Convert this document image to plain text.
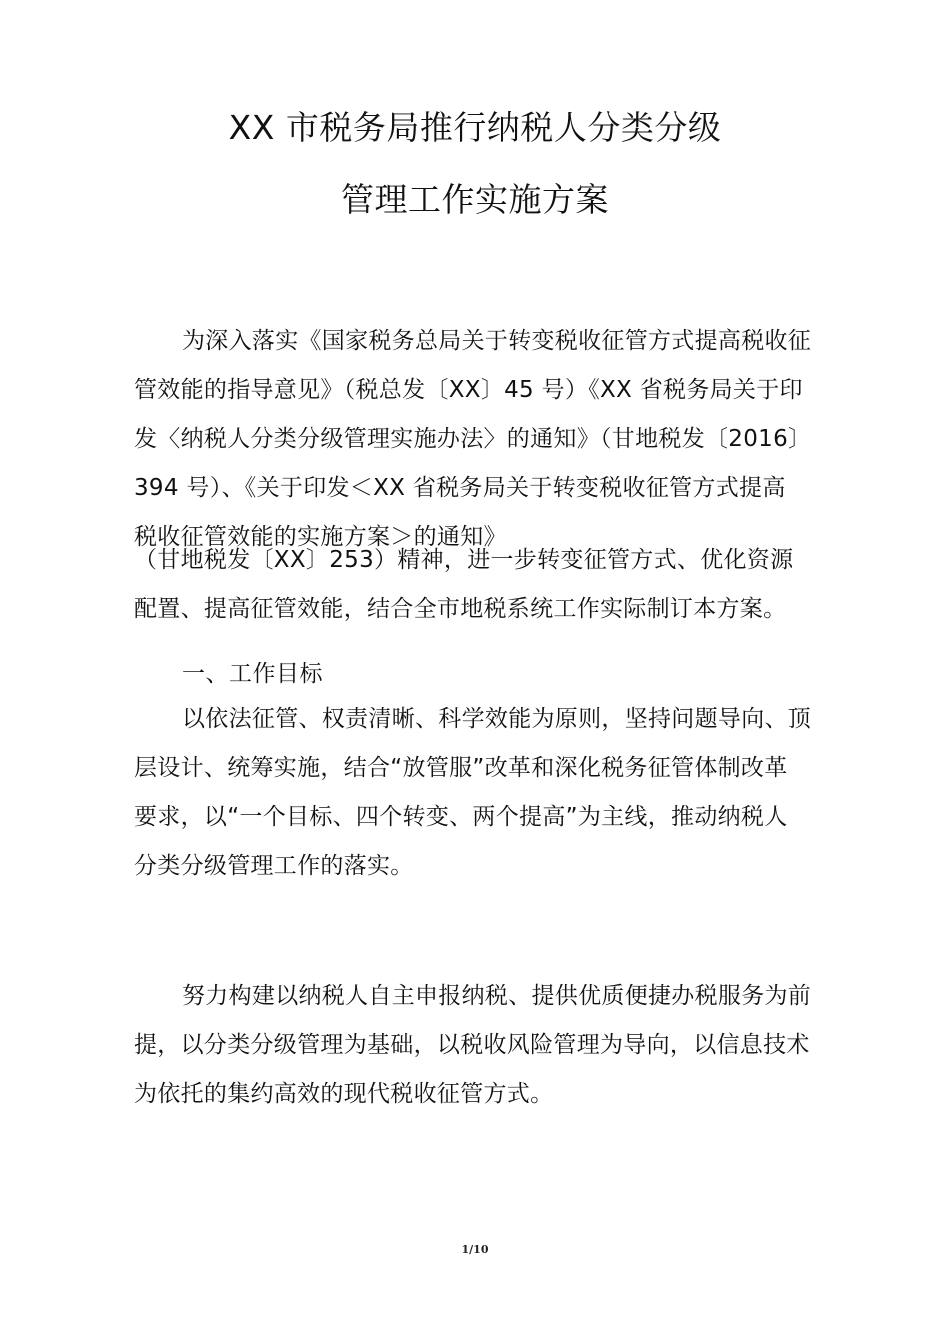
XX 市税务局推行纳税人分类分级
管理工作实施方案
为深入落实《国家税务总局关于转变税收征管方式提高税收征
管效能的指导意见》（税总发〔XX〕45 号）《XX 省税务局关于印
发〈纳税人分类分级管理实施办法〉的通知》（甘地税发〔2016〕
394 号）、《关于印发＜XX 省税务局关于转变税收征管方式提高
税收征管效能的实施方案＞的通知》
（甘地税发〔XX〕253）精神，进一步转变征管方式、优化资源
配置、提高征管效能，结合全市地税系统工作实际制订本方案。
一、工作目标
以依法征管、权责清晰、科学效能为原则，坚持问题导向、顶
层设计、统筹实施，结合“放管服”改革和深化税务征管体制改革
要求，以“一个目标、四个转变、两个提高”为主线，推动纳税人
分类分级管理工作的落实。
努力构建以纳税人自主申报纳税、提供优质便捷办税服务为前
提，以分类分级管理为基础，以税收风险管理为导向，以信息技术
为依托的集约高效的现代税收征管方式。
1/10
